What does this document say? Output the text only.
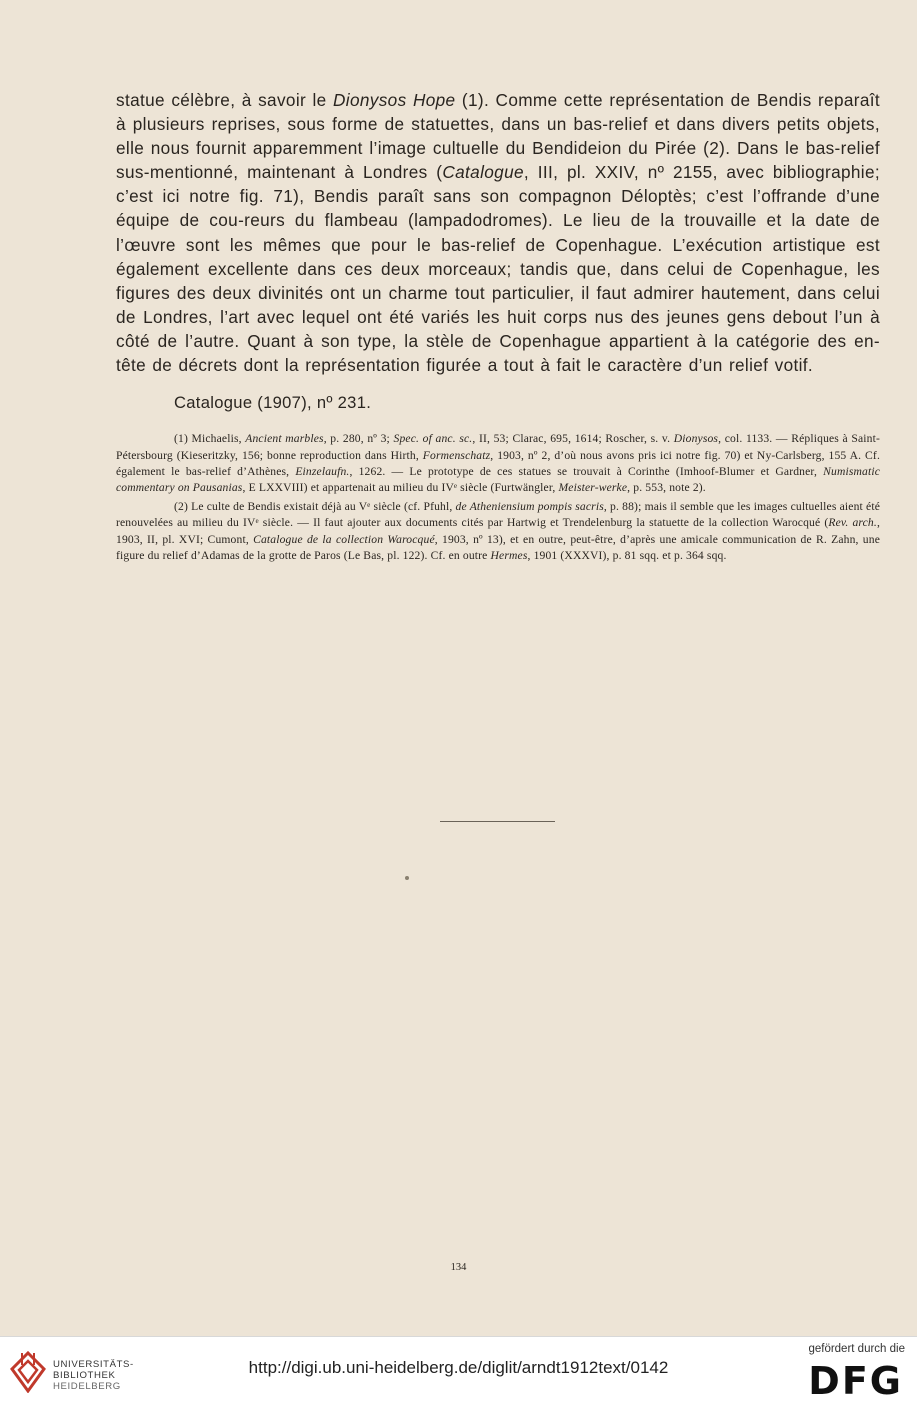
statue célèbre, à savoir le Dionysos Hope (1). Comme cette représentation de Bendis reparaît à plusieurs reprises, sous forme de statuettes, dans un bas-relief et dans divers petits objets, elle nous fournit apparemment l’image cultuelle du Bendideion du Pirée (2). Dans le bas-relief sus-mentionné, maintenant à Londres (Catalogue, III, pl. XXIV, nº 2155, avec bibliographie; c’est ici notre fig. 71), Bendis paraît sans son compagnon Déloptès; c’est l’offrande d’une équipe de cou-reurs du flambeau (lampadodromes). Le lieu de la trouvaille et la date de l’œuvre sont les mêmes que pour le bas-relief de Copenhague. L’exécution artistique est également excellente dans ces deux morceaux; tandis que, dans celui de Copenhague, les figures des deux divinités ont un charme tout particulier, il faut admirer hautement, dans celui de Londres, l’art avec lequel ont été variés les huit corps nus des jeunes gens debout l’un à côté de l’autre. Quant à son type, la stèle de Copenhague appartient à la catégorie des en-tête de décrets dont la représentation figurée a tout à fait le caractère d’un relief votif.

Catalogue (1907), nº 231.

(1) Michaelis, Ancient marbles, p. 280, nº 3; Spec. of anc. sc., II, 53; Clarac, 695, 1614; Roscher, s. v. Dionysos, col. 1133. — Répliques à Saint-Pétersbourg (Kieseritzky, 156; bonne reproduction dans Hirth, Formenschatz, 1903, nº 2, d’où nous avons pris ici notre fig. 70) et Ny-Carlsberg, 155 A. Cf. également le bas-relief d’Athènes, Einzelaufn., 1262. — Le prototype de ces statues se trouvait à Corinthe (Imhoof-Blumer et Gardner, Numismatic commentary on Pausanias, E LXXVIII) et appartenait au milieu du IVᵉ siècle (Furtwängler, Meister-werke, p. 553, note 2).

(2) Le culte de Bendis existait déjà au Vᵉ siècle (cf. Pfuhl, de Atheniensium pompis sacris, p. 88); mais il semble que les images cultuelles aient été renouvelées au milieu du IVᵉ siècle. — Il faut ajouter aux documents cités par Hartwig et Trendelenburg la statuette de la collection Warocqué (Rev. arch., 1903, II, pl. XVI; Cumont, Catalogue de la collection Warocqué, 1903, nº 13), et en outre, peut-être, d’après une amicale communication de R. Zahn, une figure du relief d’Adamas de la grotte de Paros (Le Bas, pl. 122). Cf. en outre Hermes, 1901 (XXXVI), p. 81 sqq. et p. 364 sqq.

134
UNIVERSITÄTS-
BIBLIOTHEK
HEIDELBERG
http://digi.ub.uni-heidelberg.de/diglit/arndt1912text/0142
gefördert durch die
DFG
